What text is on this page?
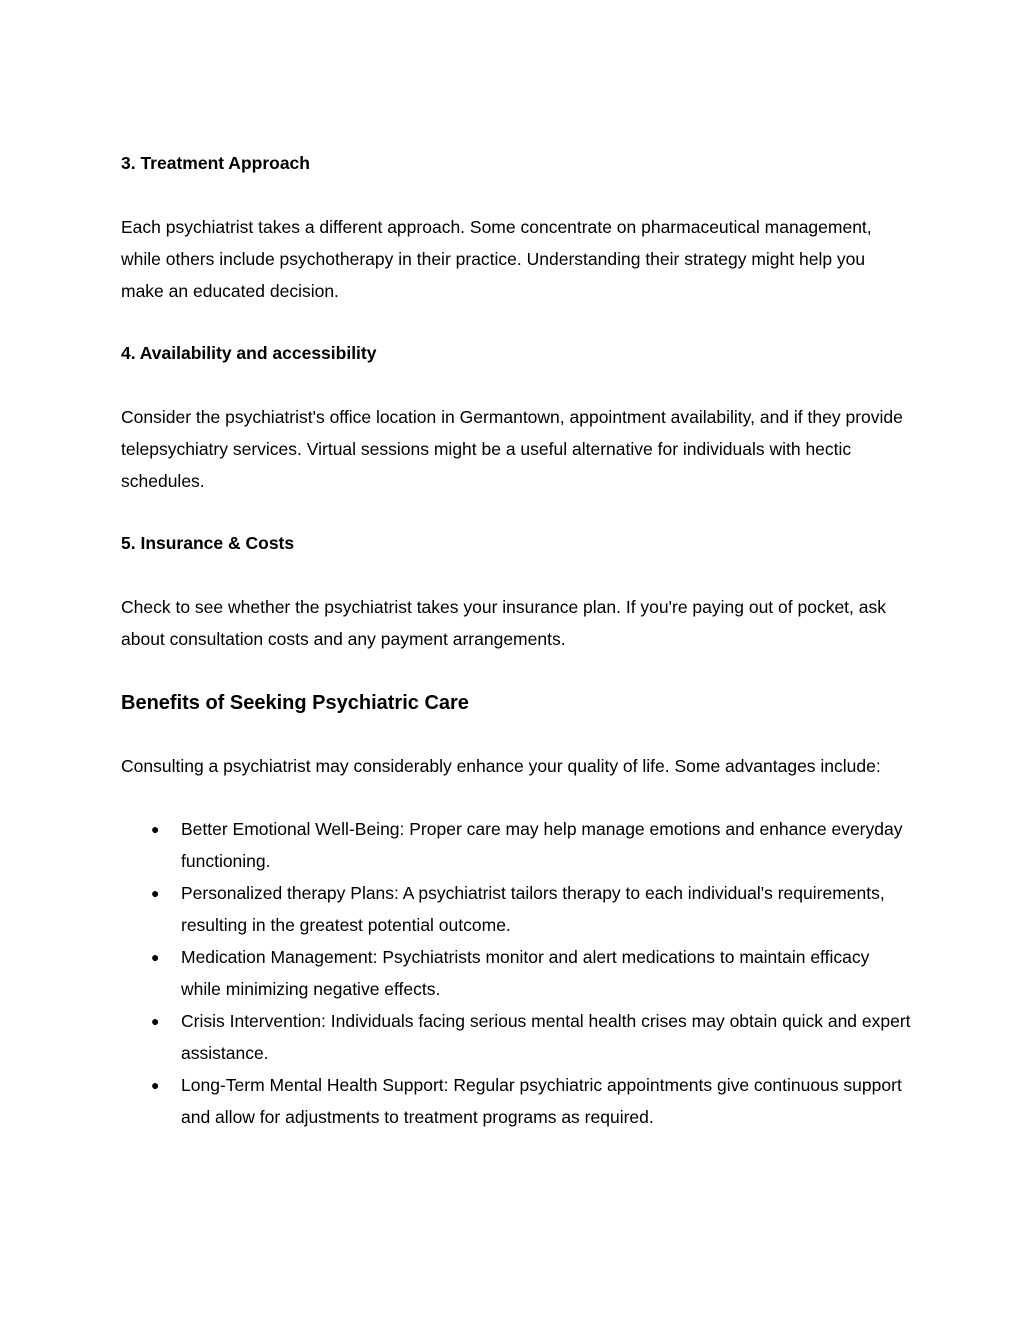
3. Treatment Approach

Each psychiatrist takes a different approach. Some concentrate on pharmaceutical management, while others include psychotherapy in their practice. Understanding their strategy might help you make an educated decision.

4. Availability and accessibility

Consider the psychiatrist's office location in Germantown, appointment availability, and if they provide telepsychiatry services. Virtual sessions might be a useful alternative for individuals with hectic schedules.

5. Insurance & Costs

Check to see whether the psychiatrist takes your insurance plan. If you're paying out of pocket, ask about consultation costs and any payment arrangements.

Benefits of Seeking Psychiatric Care

Consulting a psychiatrist may considerably enhance your quality of life. Some advantages include:

● Better Emotional Well-Being: Proper care may help manage emotions and enhance everyday functioning.
● Personalized therapy Plans: A psychiatrist tailors therapy to each individual's requirements, resulting in the greatest potential outcome.
● Medication Management: Psychiatrists monitor and alert medications to maintain efficacy while minimizing negative effects.
● Crisis Intervention: Individuals facing serious mental health crises may obtain quick and expert assistance.
● Long-Term Mental Health Support: Regular psychiatric appointments give continuous support and allow for adjustments to treatment programs as required.
